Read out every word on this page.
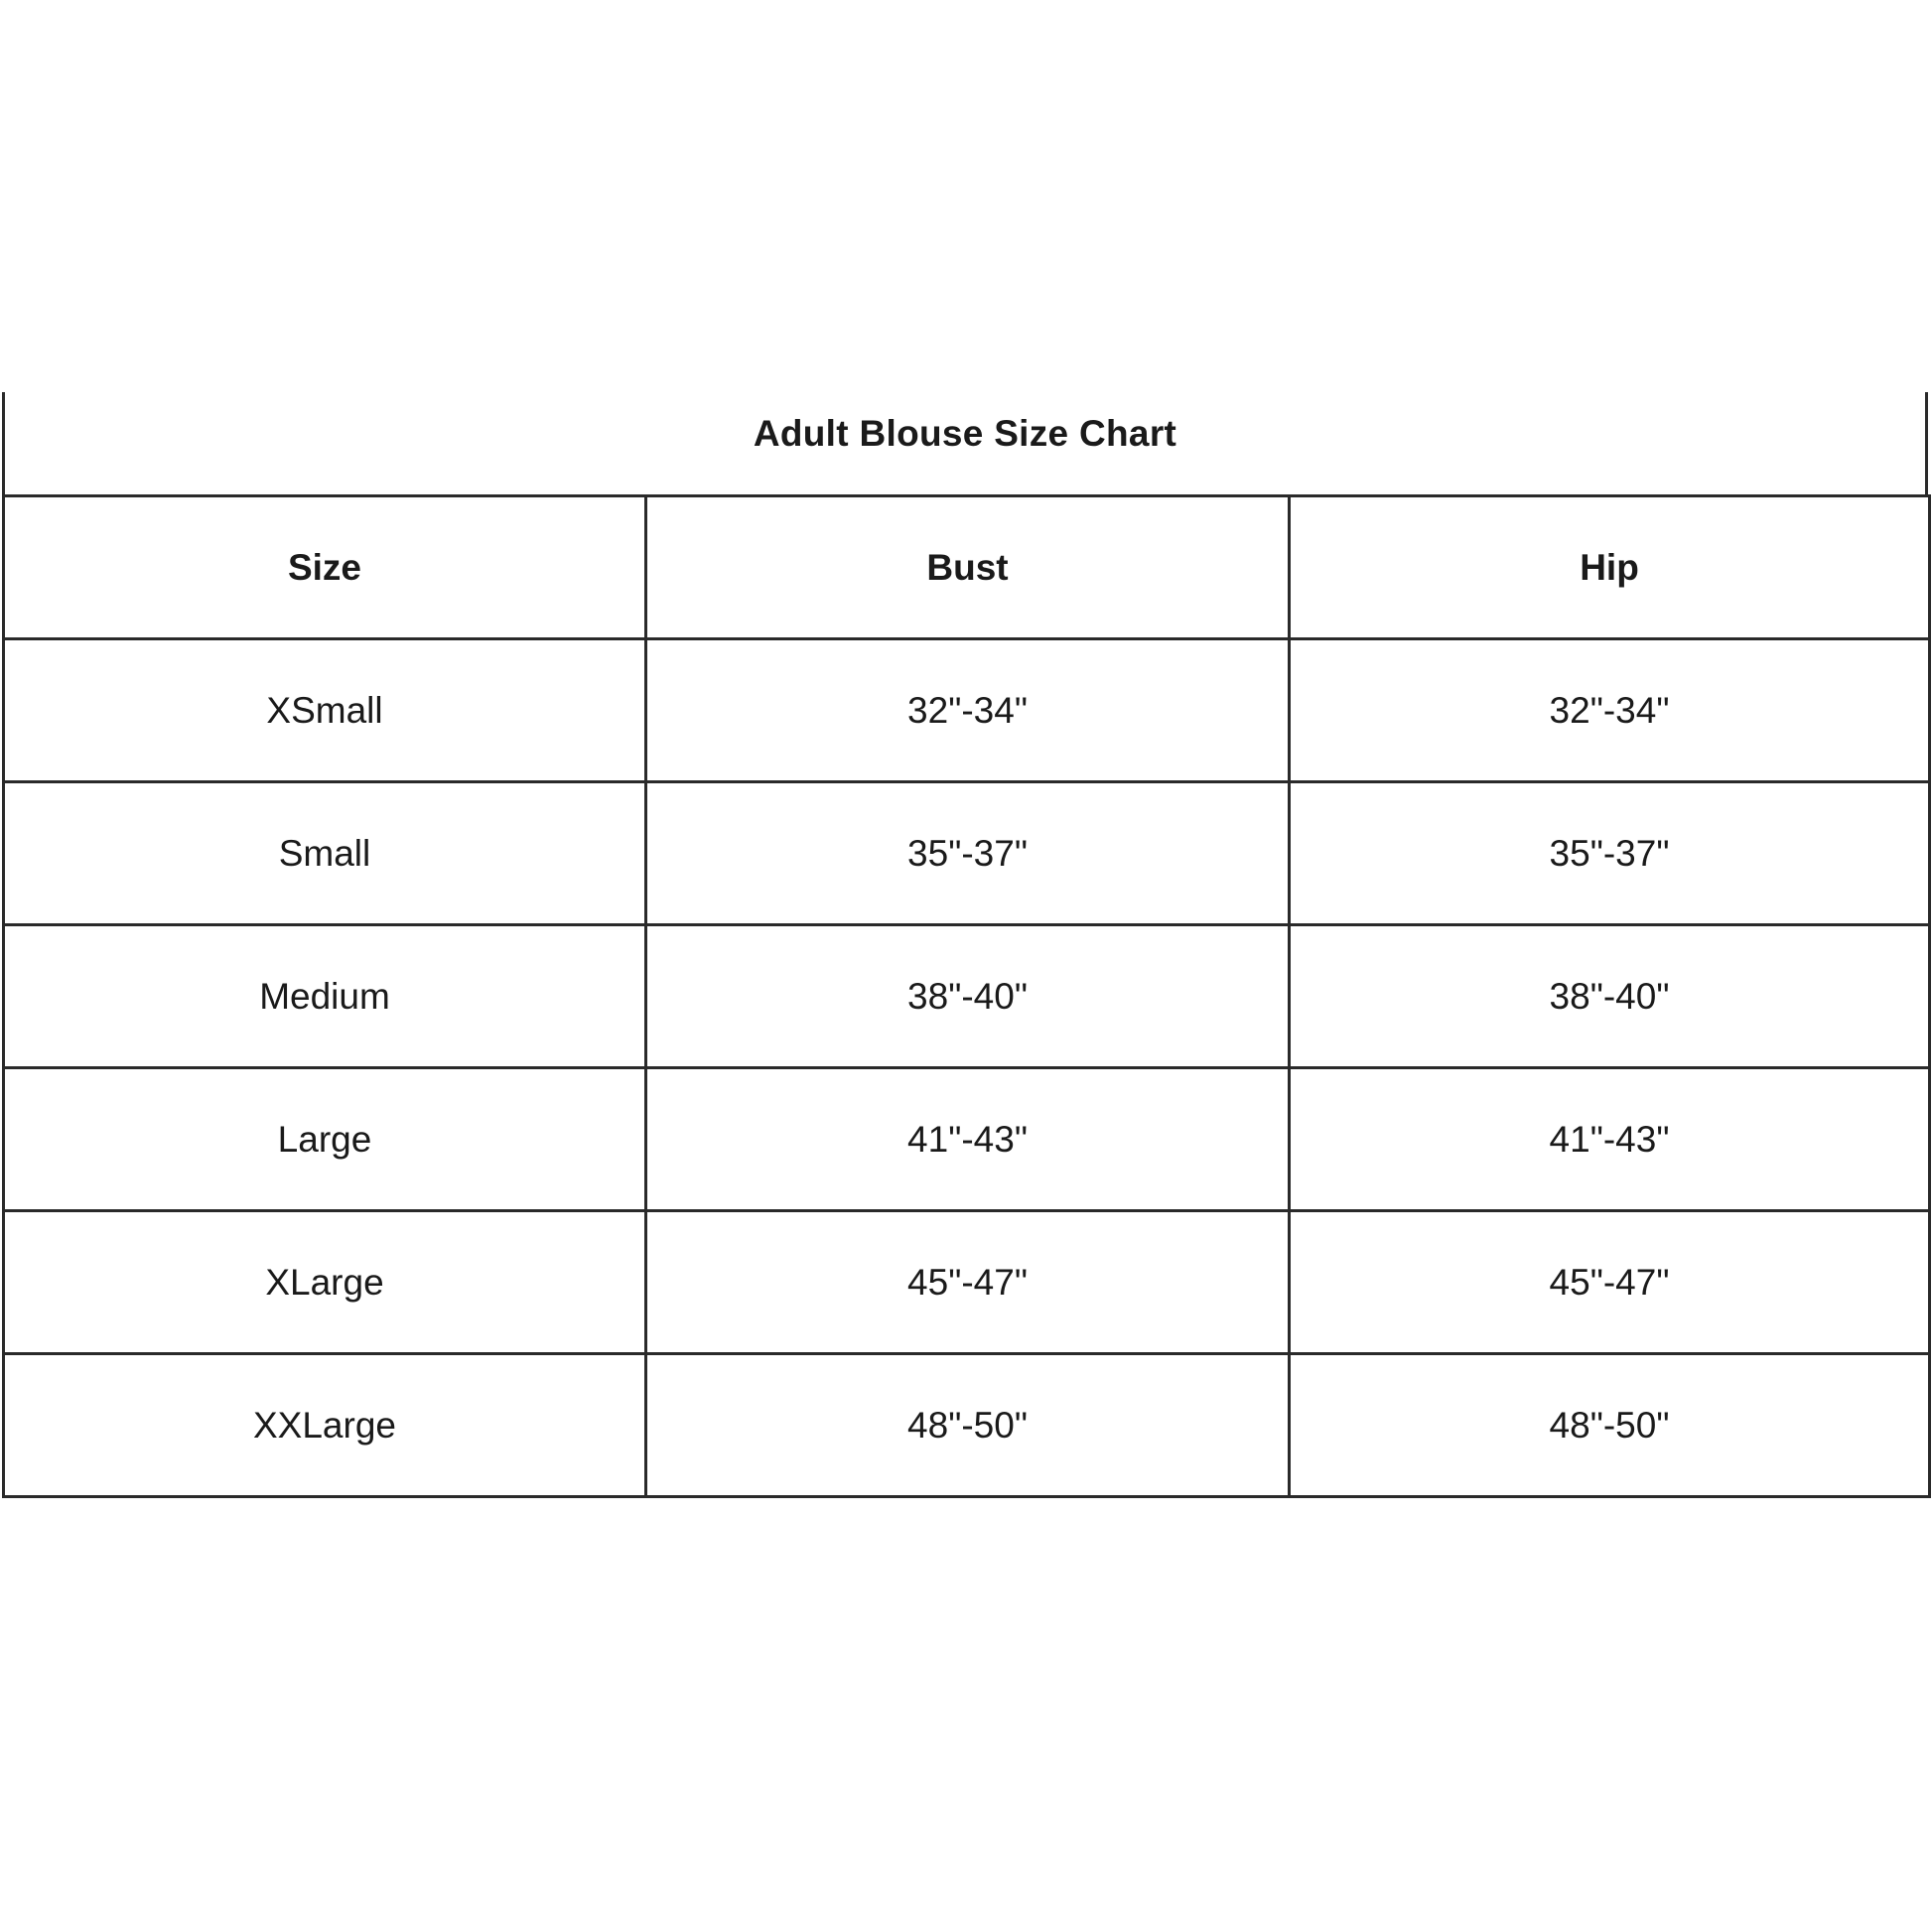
Adult Blouse Size Chart
Size	Bust	Hip
XSmall	32"-34"	32"-34"
Small	35"-37"	35"-37"
Medium	38"-40"	38"-40"
Large	41"-43"	41"-43"
XLarge	45"-47"	45"-47"
XXLarge	48"-50"	48"-50"
